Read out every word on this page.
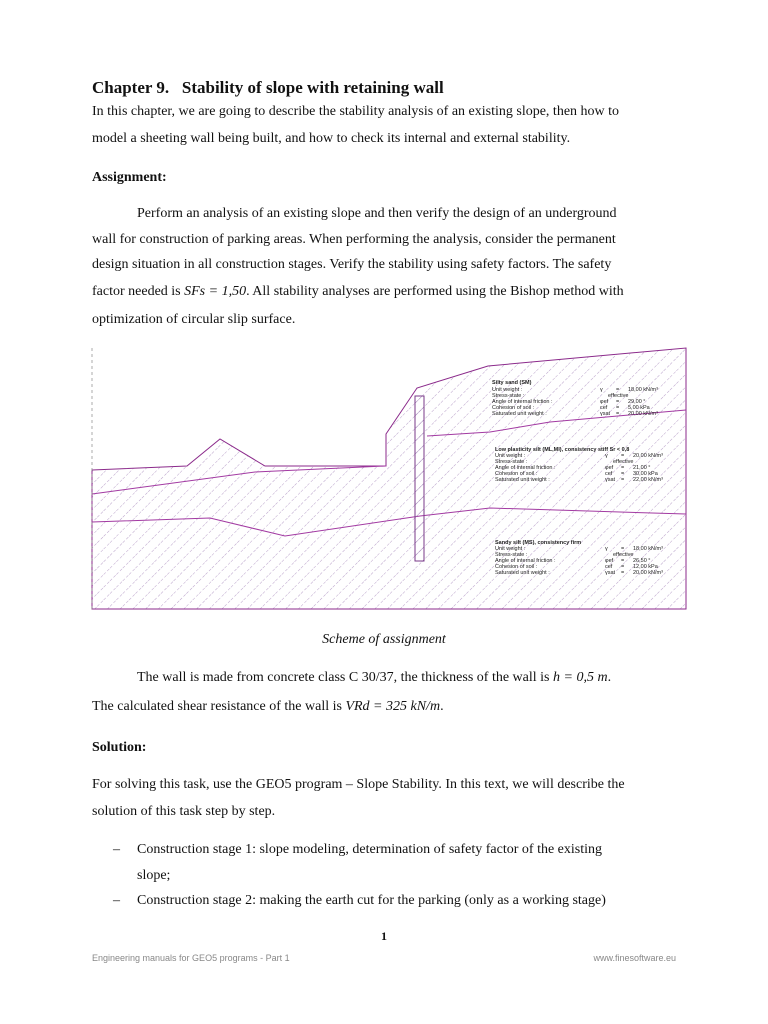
Chapter 9. Stability of slope with retaining wall
In this chapter, we are going to describe the stability analysis of an existing slope, then how to
model a sheeting wall being built, and how to check its internal and external stability.
Assignment:
Perform an analysis of an existing slope and then verify the design of an underground
wall for construction of parking areas. When performing the analysis, consider the permanent
design situation in all construction stages. Verify the stability using safety factors. The safety
factor needed is SFs = 1,50. All stability analyses are performed using the Bishop method with
optimization of circular slip surface.
Silty sand (SM)
Unit weight :
Stress-state :
Angle of internal friction :
Cohesion of soil :
Saturated unit weight :
γ
φef
cef
γsat
=
=
=
=
18,00 kN/m³
effective
29,00 °
5,00 kPa
20,00 kN/m³
Low plasticity silt (ML,MI), consistency stiff Sr < 0,8
Unit weight :
Stress-state :
Angle of internal friction :
Cohesion of soil :
Saturated unit weight :
γ
φef
cef
γsat
=
=
=
=
20,00 kN/m³
effective
21,00 °
30,00 kPa
22,00 kN/m³
Sandy silt (MS), consistency firm
Unit weight :
Stress-state :
Angle of internal friction :
Cohesion of soil :
Saturated unit weight :
γ
φef
cef
γsat
=
=
=
=
18,00 kN/m³
effective
26,50 °
12,00 kPa
20,00 kN/m³
Scheme of assignment
The wall is made from concrete class C 30/37, the thickness of the wall is h = 0,5 m.
The calculated shear resistance of the wall is VRd = 325 kN/m.
Solution:
For solving this task, use the GEO5 program – Slope Stability. In this text, we will describe the
solution of this task step by step.
– Construction stage 1: slope modeling, determination of safety factor of the existing
slope;
– Construction stage 2: making the earth cut for the parking (only as a working stage)
1
Engineering manuals for GEO5 programs - Part 1	www.finesoftware.eu
